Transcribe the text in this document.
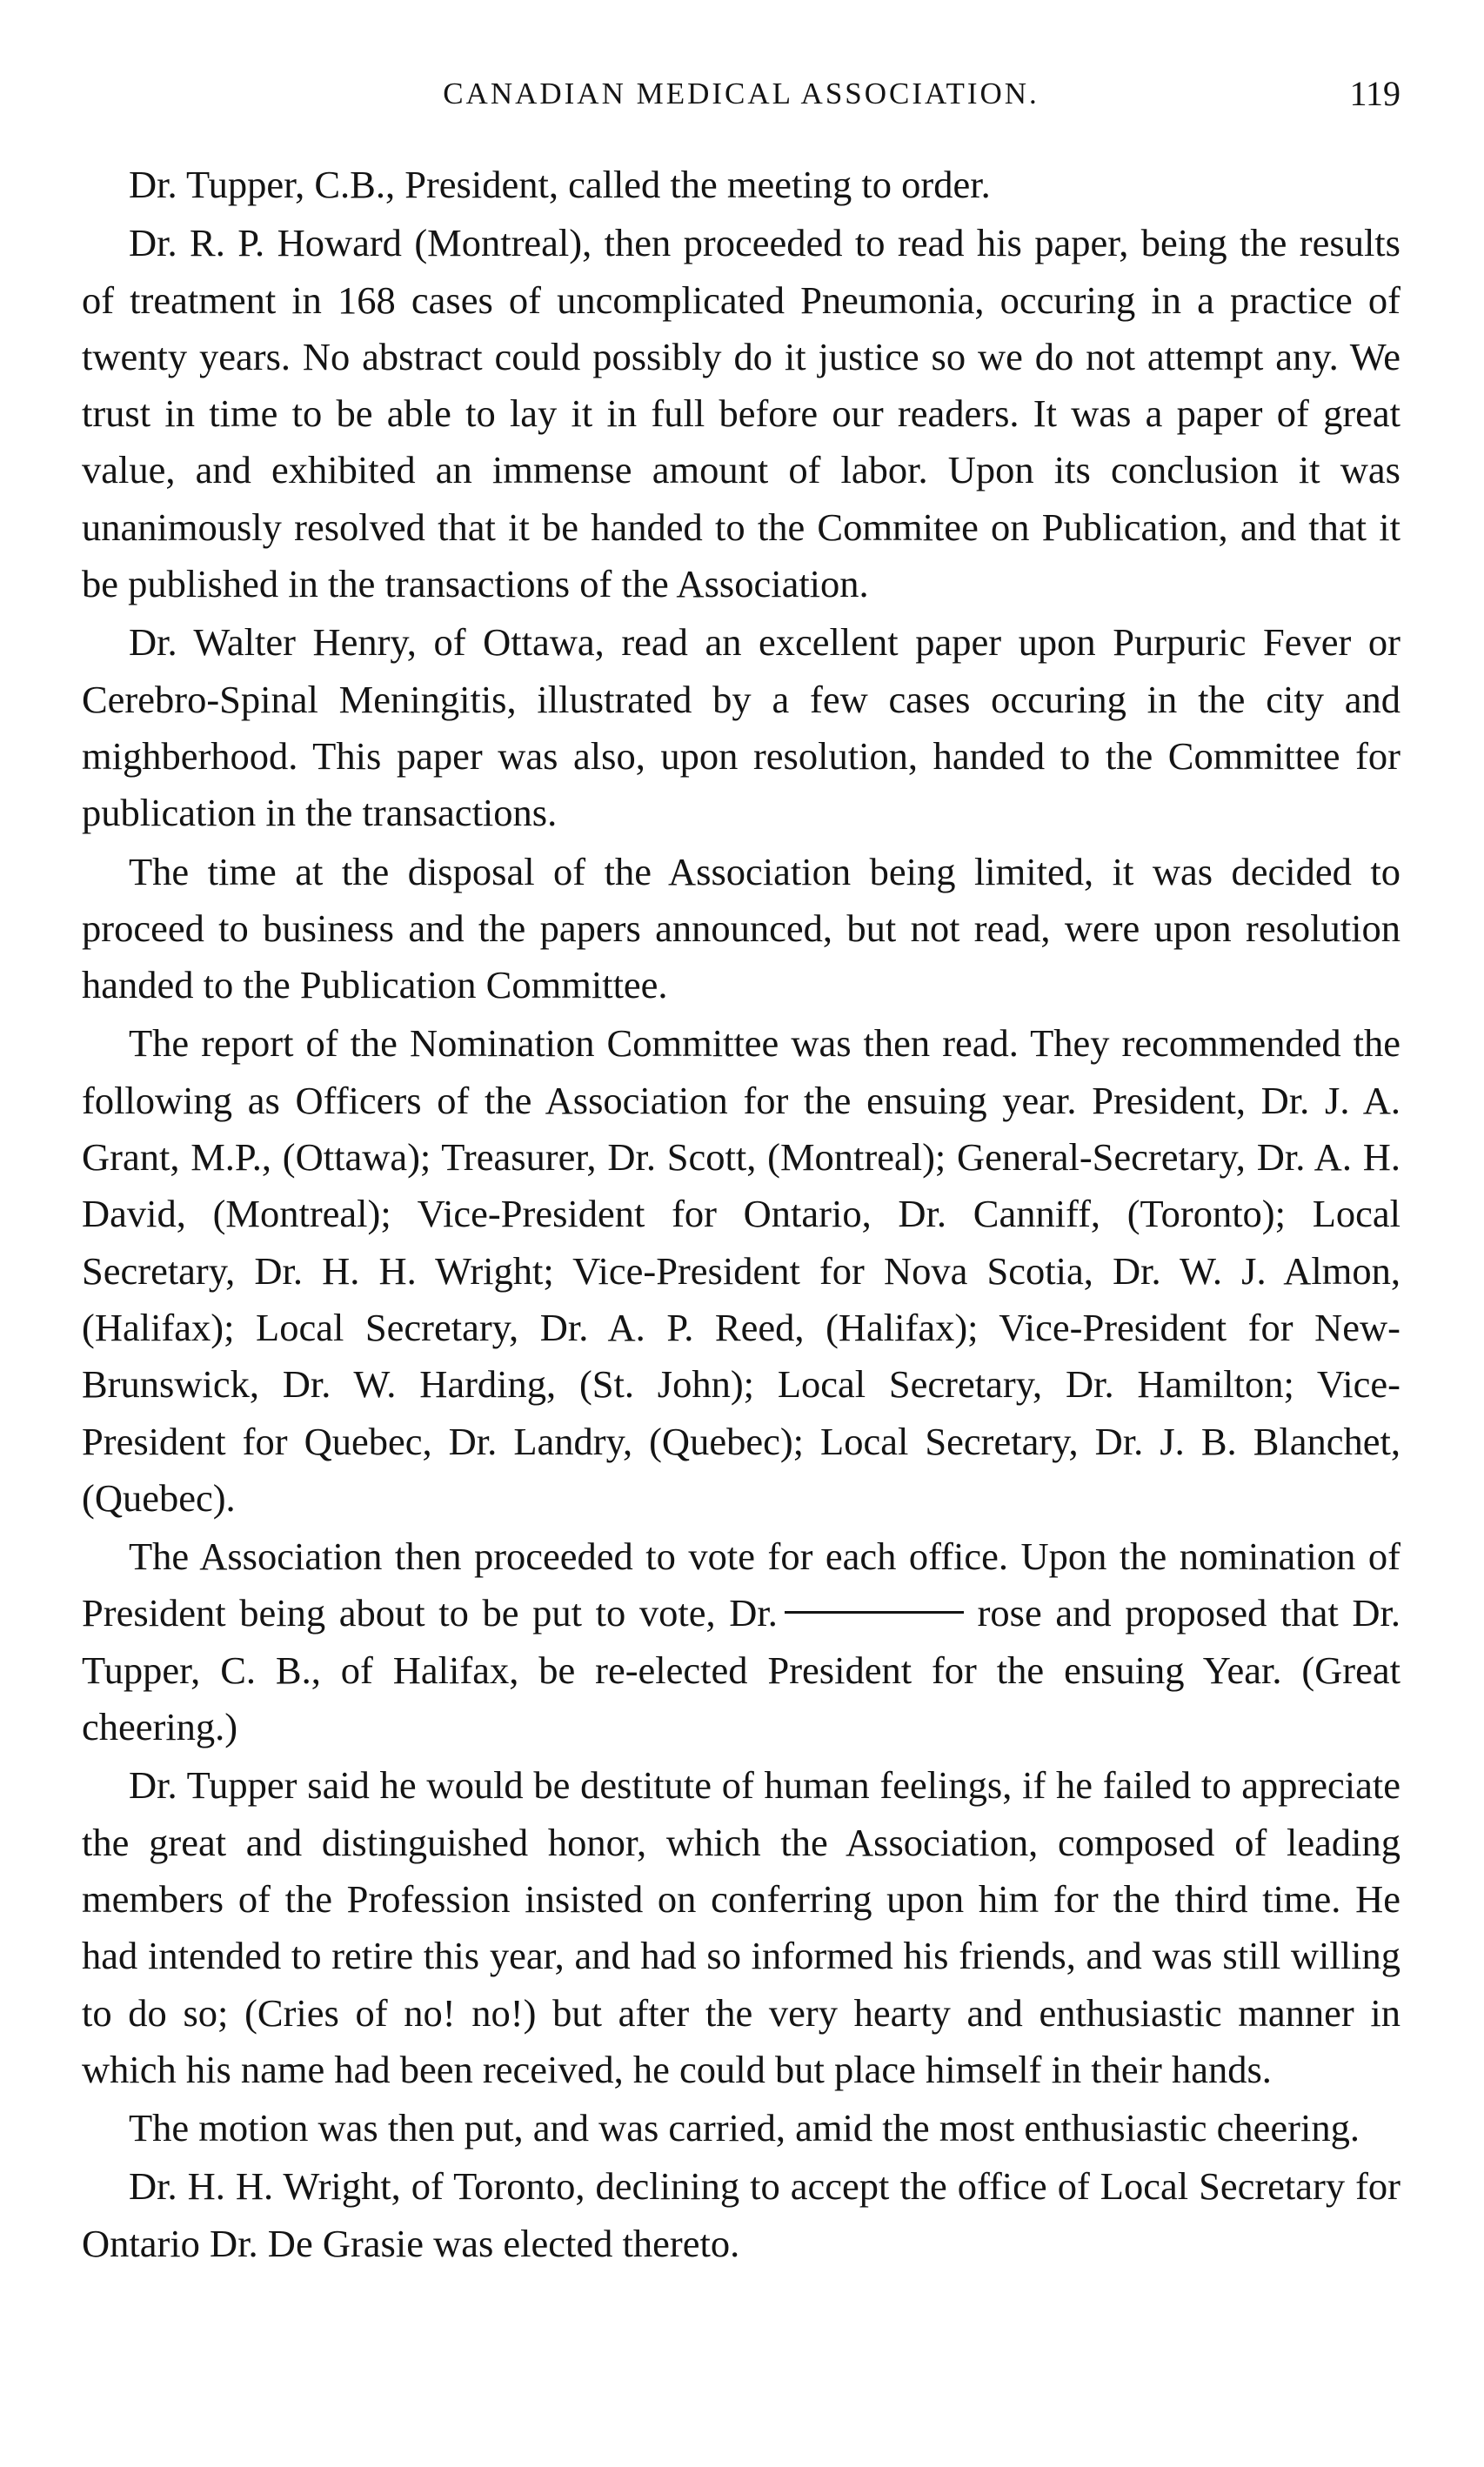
CANADIAN MEDICAL ASSOCIATION.	119

Dr. Tupper, C.B., President, called the meeting to order.

Dr. R. P. Howard (Montreal), then proceeded to read his paper, being the results of treatment in 168 cases of uncomplicated Pneumonia, occuring in a practice of twenty years. No abstract could possibly do it justice so we do not attempt any. We trust in time to be able to lay it in full before our readers. It was a paper of great value, and exhibited an immense amount of labor. Upon its conclusion it was unanimously resolved that it be handed to the Commitee on Publication, and that it be published in the transactions of the Association.

Dr. Walter Henry, of Ottawa, read an excellent paper upon Purpuric Fever or Cerebro-Spinal Meningitis, illustrated by a few cases occuring in the city and mighberhood. This paper was also, upon resolution, handed to the Committee for publication in the transactions.

The time at the disposal of the Association being limited, it was decided to proceed to business and the papers announced, but not read, were upon resolution handed to the Publication Committee.

The report of the Nomination Committee was then read. They recommended the following as Officers of the Association for the ensuing year. President, Dr. J. A. Grant, M.P., (Ottawa); Treasurer, Dr. Scott, (Montreal); General-Secretary, Dr. A. H. David, (Montreal); Vice-President for Ontario, Dr. Canniff, (Toronto); Local Secretary, Dr. H. H. Wright; Vice-President for Nova Scotia, Dr. W. J. Almon, (Halifax); Local Secretary, Dr. A. P. Reed, (Halifax); Vice-President for New-Brunswick, Dr. W. Harding, (St. John); Local Secretary, Dr. Hamilton; Vice-President for Quebec, Dr. Landry, (Quebec); Local Secretary, Dr. J. B. Blanchet, (Quebec).

The Association then proceeded to vote for each office. Upon the nomination of President being about to be put to vote, Dr.	rose and proposed that Dr. Tupper, C. B., of Halifax, be re-elected President for the ensuing Year. (Great cheering.)

Dr. Tupper said he would be destitute of human feelings, if he failed to appreciate the great and distinguished honor, which the Association, composed of leading members of the Profession insisted on conferring upon him for the third time. He had intended to retire this year, and had so informed his friends, and was still willing to do so; (Cries of no! no!) but after the very hearty and enthusiastic manner in which his name had been received, he could but place himself in their hands.

The motion was then put, and was carried, amid the most enthusiastic cheering.

Dr. H. H. Wright, of Toronto, declining to accept the office of Local Secretary for Ontario Dr. De Grasie was elected thereto.
